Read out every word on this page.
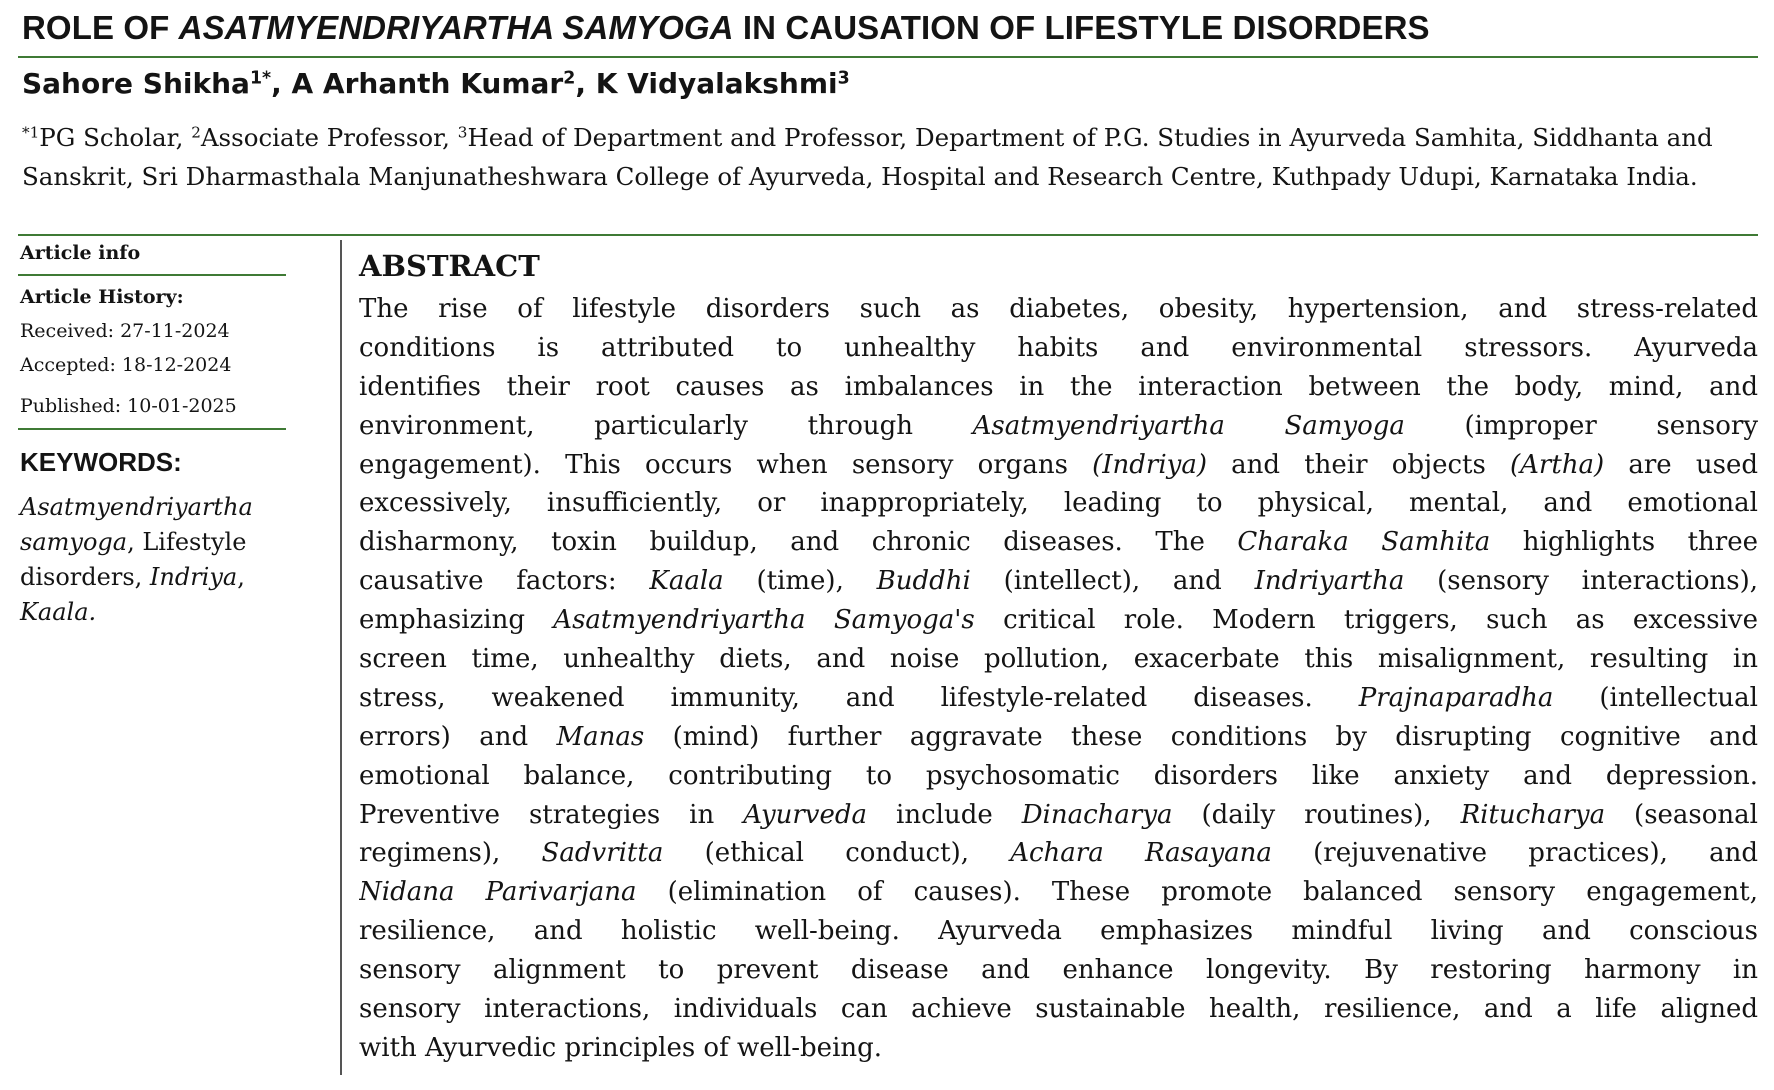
ROLE OF ASATMYENDRIYARTHA SAMYOGA IN CAUSATION OF LIFESTYLE DISORDERS

Sahore Shikha$^{1*}$, A Arhanth Kumar$^2$, K Vidyalakshmi$^3$

$^{*1}$PG Scholar, $^2$Associate Professor, $^3$Head of Department and Professor, Department of P.G. Studies in Ayurveda Samhita, Siddhanta and Sanskrit, Sri Dharmasthala Manjunatheshwara College of Ayurveda, Hospital and Research Centre, Kuthpady Udupi, Karnataka India.

Article info
Article History:
Received: 27-11-2024
Accepted: 18-12-2024
Published: 10-01-2025
KEYWORDS:
Asatmyendriyartha samyoga, Lifestyle disorders, Indriya, Kaala.
ABSTRACT
The rise of lifestyle disorders such as diabetes, obesity, hypertension, and stress-related
conditions is attributed to unhealthy habits and environmental stressors. Ayurveda
identifies their root causes as imbalances in the interaction between the body, mind, and
environment, particularly through Asatmyendriyartha Samyoga (improper sensory
engagement). This occurs when sensory organs (Indriya) and their objects (Artha) are used
excessively, insufficiently, or inappropriately, leading to physical, mental, and emotional
disharmony, toxin buildup, and chronic diseases. The Charaka Samhita highlights three
causative factors: Kaala (time), Buddhi (intellect), and Indriyartha (sensory interactions),
emphasizing Asatmyendriyartha Samyoga's critical role. Modern triggers, such as excessive
screen time, unhealthy diets, and noise pollution, exacerbate this misalignment, resulting in
stress, weakened immunity, and lifestyle-related diseases. Prajnaparadha (intellectual
errors) and Manas (mind) further aggravate these conditions by disrupting cognitive and
emotional balance, contributing to psychosomatic disorders like anxiety and depression.
Preventive strategies in Ayurveda include Dinacharya (daily routines), Ritucharya (seasonal
regimens), Sadvritta (ethical conduct), Achara Rasayana (rejuvenative practices), and
Nidana Parivarjana (elimination of causes). These promote balanced sensory engagement,
resilience, and holistic well-being. Ayurveda emphasizes mindful living and conscious
sensory alignment to prevent disease and enhance longevity. By restoring harmony in
sensory interactions, individuals can achieve sustainable health, resilience, and a life aligned
with Ayurvedic principles of well-being.
